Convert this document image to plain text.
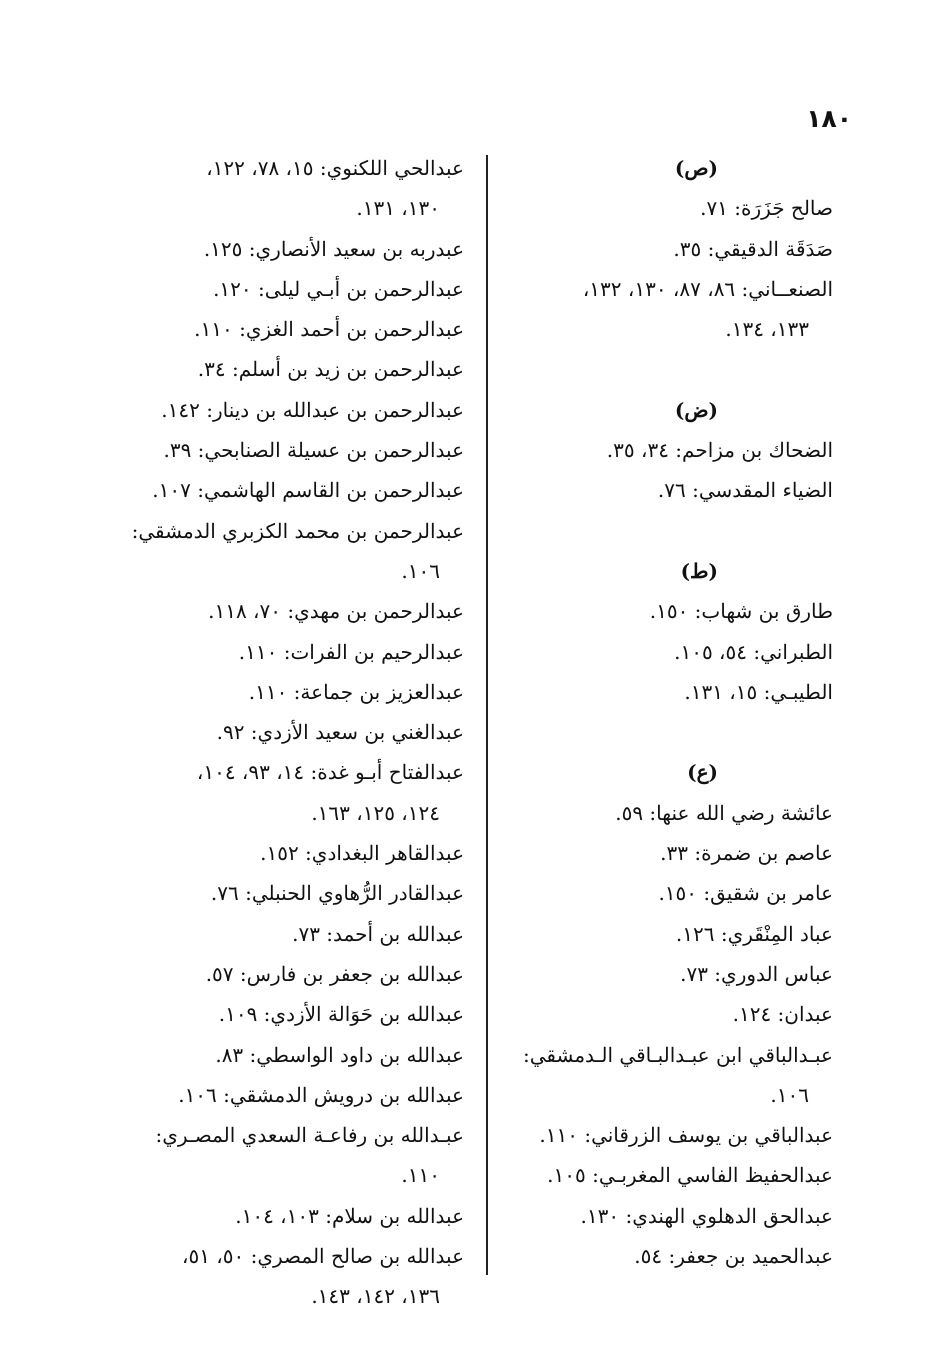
١٨٠
(ص)
صالح جَزَرَة: ٧١.
صَدَقَة الدقيقي: ٣٥.
الصنعــاني: ٨٦، ٨٧، ١٣٠، ١٣٢،
١٣٣، ١٣٤.
(ض)
الضحاك بن مزاحم: ٣٤، ٣٥.
الضياء المقدسي: ٧٦.
(ط)
طارق بن شهاب: ١٥٠.
الطبراني: ٥٤، ١٠٥.
الطيبـي: ١٥، ١٣١.
(ع)
عائشة رضي الله عنها: ٥٩.
عاصم بن ضمرة: ٣٣.
عامر بن شقيق: ١٥٠.
عباد المِنْقَري: ١٢٦.
عباس الدوري: ٧٣.
عبدان: ١٢٤.
عبـدالباقي ابن عبـدالبـاقي الـدمشقي:
١٠٦.
عبدالباقي بن يوسف الزرقاني: ١١٠.
عبدالحفيظ الفاسي المغربـي: ١٠٥.
عبدالحق الدهلوي الهندي: ١٣٠.
عبدالحميد بن جعفر: ٥٤.
عبدالحي اللكنوي: ١٥، ٧٨، ١٢٢،
١٣٠، ١٣١.
عبدربه بن سعيد الأنصاري: ١٢٥.
عبدالرحمن بن أبـي ليلى: ١٢٠.
عبدالرحمن بن أحمد الغزي: ١١٠.
عبدالرحمن بن زيد بن أسلم: ٣٤.
عبدالرحمن بن عبدالله بن دينار: ١٤٢.
عبدالرحمن بن عسيلة الصنابحي: ٣٩.
عبدالرحمن بن القاسم الهاشمي: ١٠٧.
عبدالرحمن بن محمد الكزبري الدمشقي:
١٠٦.
عبدالرحمن بن مهدي: ٧٠، ١١٨.
عبدالرحيم بن الفرات: ١١٠.
عبدالعزيز بن جماعة: ١١٠.
عبدالغني بن سعيد الأزدي: ٩٢.
عبدالفتاح أبـو غدة: ١٤، ٩٣، ١٠٤،
١٢٤، ١٢٥، ١٦٣.
عبدالقاهر البغدادي: ١٥٢.
عبدالقادر الرُّهاوي الحنبلي: ٧٦.
عبدالله بن أحمد: ٧٣.
عبدالله بن جعفر بن فارس: ٥٧.
عبدالله بن حَوَالة الأزدي: ١٠٩.
عبدالله بن داود الواسطي: ٨٣.
عبدالله بن درويش الدمشقي: ١٠٦.
عبـدالله بن رفاعـة السعدي المصـري:
١١٠.
عبدالله بن سلام: ١٠٣، ١٠٤.
عبدالله بن صالح المصري: ٥٠، ٥١،
١٣٦، ١٤٢، ١٤٣.
